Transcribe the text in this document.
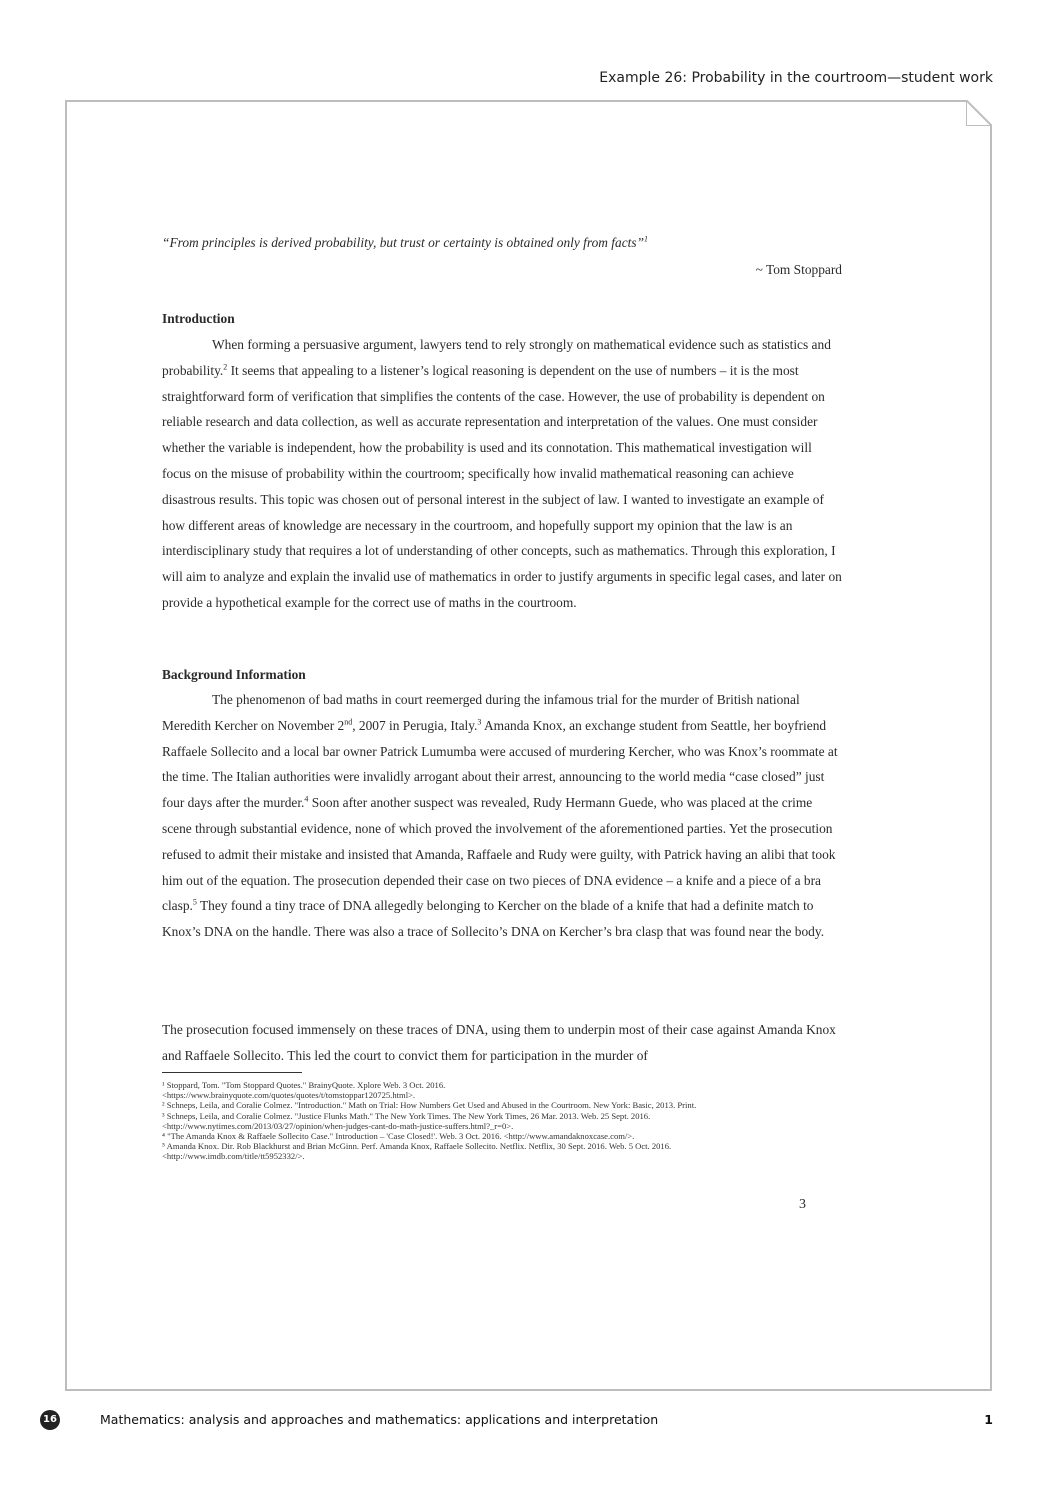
Example 26: Probability in the courtroom—student work
“From principles is derived probability, but trust or certainty is obtained only from facts”$^1$
~ Tom Stoppard
Introduction

When forming a persuasive argument, lawyers tend to rely strongly on mathematical evidence such as statistics and probability.$^2$ It seems that appealing to a listener’s logical reasoning is dependent on the use of numbers – it is the most straightforward form of verification that simplifies the contents of the case. However, the use of probability is dependent on reliable research and data collection, as well as accurate representation and interpretation of the values. One must consider whether the variable is independent, how the probability is used and its connotation. This mathematical investigation will focus on the misuse of probability within the courtroom; specifically how invalid mathematical reasoning can achieve disastrous results. This topic was chosen out of personal interest in the subject of law. I wanted to investigate an example of how different areas of knowledge are necessary in the courtroom, and hopefully support my opinion that the law is an interdisciplinary study that requires a lot of understanding of other concepts, such as mathematics. Through this exploration, I will aim to analyze and explain the invalid use of mathematics in order to justify arguments in specific legal cases, and later on provide a hypothetical example for the correct use of maths in the courtroom.

Background Information

The phenomenon of bad maths in court reemerged during the infamous trial for the murder of British national Meredith Kercher on November 2nd, 2007 in Perugia, Italy.$^3$ Amanda Knox, an exchange student from Seattle, her boyfriend Raffaele Sollecito and a local bar owner Patrick Lumumba were accused of murdering Kercher, who was Knox’s roommate at the time. The Italian authorities were invalidly arrogant about their arrest, announcing to the world media “case closed” just four days after the murder.$^4$ Soon after another suspect was revealed, Rudy Hermann Guede, who was placed at the crime scene through substantial evidence, none of which proved the involvement of the aforementioned parties. Yet the prosecution refused to admit their mistake and insisted that Amanda, Raffaele and Rudy were guilty, with Patrick having an alibi that took him out of the equation. The prosecution depended their case on two pieces of DNA evidence – a knife and a piece of a bra clasp.$^5$ They found a tiny trace of DNA allegedly belonging to Kercher on the blade of a knife that had a definite match to Knox’s DNA on the handle. There was also a trace of Sollecito’s DNA on Kercher’s bra clasp that was found near the body.

The prosecution focused immensely on these traces of DNA, using them to underpin most of their case against Amanda Knox and Raffaele Sollecito. This led the court to convict them for participation in the murder of

¹ Stoppard, Tom. "Tom Stoppard Quotes." BrainyQuote. Xplore Web. 3 Oct. 2016.
<https://www.brainyquote.com/quotes/quotes/t/tomstoppar120725.html>.
² Schneps, Leila, and Coralie Colmez. "Introduction." Math on Trial: How Numbers Get Used and Abused in the Courtroom. New York: Basic, 2013. Print.
³ Schneps, Leila, and Coralie Colmez. "Justice Flunks Math." The New York Times. The New York Times, 26 Mar. 2013. Web. 25 Sept. 2016.
<http://www.nytimes.com/2013/03/27/opinion/when-judges-cant-do-math-justice-suffers.html?_r=0>.
⁴ "The Amanda Knox & Raffaele Sollecito Case." Introduction – 'Case Closed!'. Web. 3 Oct. 2016. <http://www.amandaknoxcase.com/>.
⁵ Amanda Knox. Dir. Rob Blackhurst and Brian McGinn. Perf. Amanda Knox, Raffaele Sollecito. Netflix. Netflix, 30 Sept. 2016. Web. 5 Oct. 2016.
<http://www.imdb.com/title/tt5952332/>.
3
16	Mathematics: analysis and approaches and mathematics: applications and interpretation	1
